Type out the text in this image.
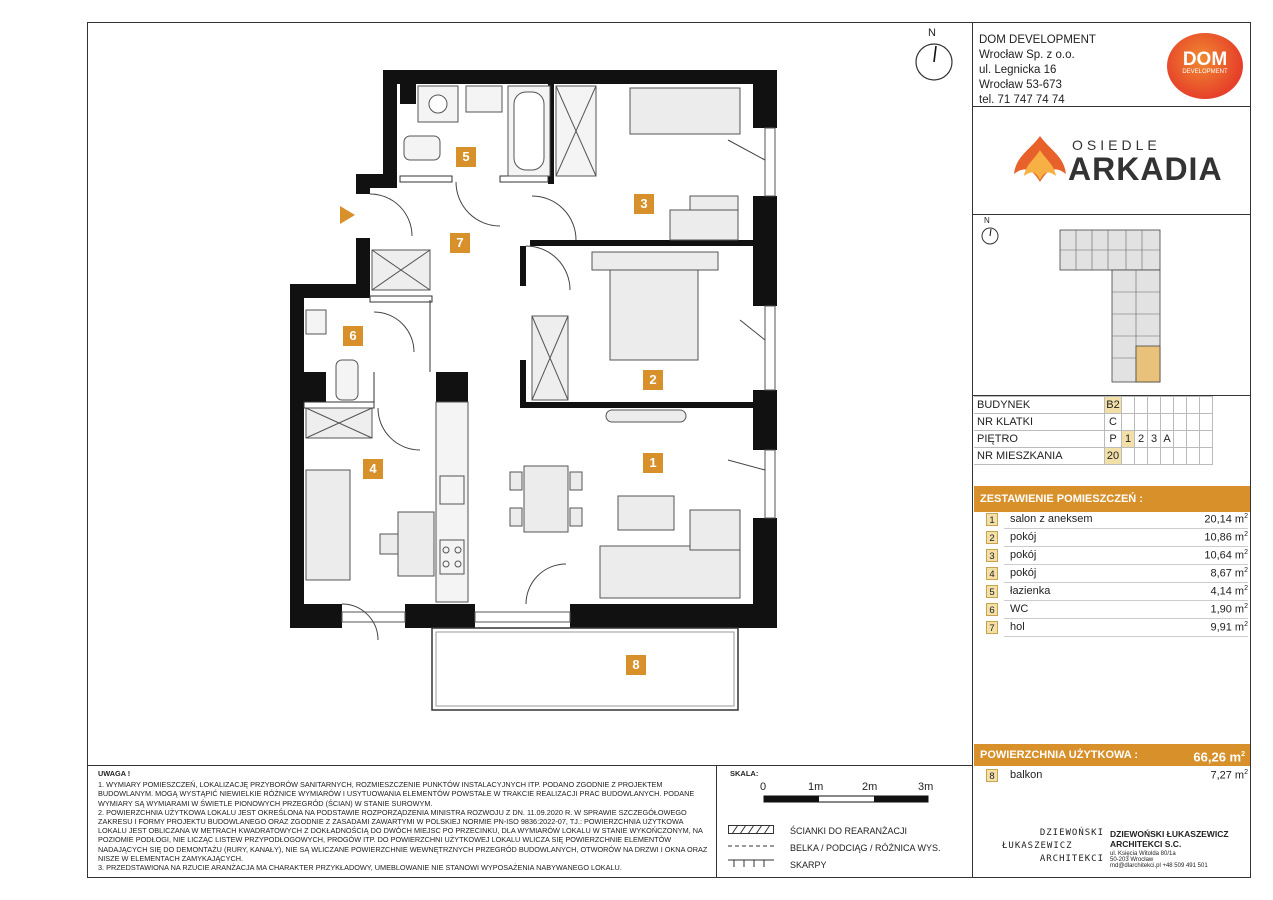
1
2
3
4
5
6
7
8
N
DOM DEVELOPMENT
Wrocław Sp. z o.o.
ul. Legnicka 16
Wrocław 53-673
tel. 71 747 74 74
DOM
DEVELOPMENT
OSIEDLE
ARKADIA
N
BUDYNEK	B2							
NR KLATKI	C							
PIĘTRO	P	1	2	3	A			
NR MIESZKANIA	20							
ZESTAWIENIE POMIESZCZEŃ :
1	salon z aneksem	20,14 $m^2$
2	pokój	10,86 $m^2$
3	pokój	10,64 $m^2$
4	pokój	8,67 $m^2$
5	łazienka	4,14 $m^2$
6	WC	1,90 $m^2$
7	hol	9,91 $m^2$
POWIERZCHNIA UŻYTKOWA :	66,26 $m^2$
8	balkon	7,27 $m^2$
UWAGA !
1. WYMIARY POMIESZCZEŃ, LOKALIZACJĘ PRZYBORÓW SANITARNYCH, ROZMIESZCZENIE PUNKTÓW INSTALACYJNYCH ITP. PODANO ZGODNIE Z PROJEKTEM BUDOWLANYM. MOGĄ WYSTĄPIĆ NIEWIELKIE RÓŻNICE WYMIARÓW I USYTUOWANIA ELEMENTÓW POWSTAŁE W TRAKCIE REALIZACJI PRAC BUDOWLANYCH. PODANE WYMIARY SĄ WYMIARAMI W ŚWIETLE PIONOWYCH PRZEGRÓD (ŚCIAN) W STANIE SUROWYM.
2. POWIERZCHNIA UŻYTKOWA LOKALU JEST OKREŚLONA NA PODSTAWIE ROZPORZĄDZENIA MINISTRA ROZWOJU Z DN. 11.09.2020 R. W SPRAWIE SZCZEGÓŁOWEGO ZAKRESU I FORMY PROJEKTU BUDOWLANEGO ORAZ ZGODNIE Z ZASADAMI ZAWARTYMI W POLSKIEJ NORMIE PN-ISO 9836:2022-07, TJ.: POWIERZCHNIA UŻYTKOWA LOKALU JEST OBLICZANA W METRACH KWADRATOWYCH Z DOKŁADNOŚCIĄ DO DWÓCH MIEJSC PO PRZECINKU, DLA WYMIARÓW LOKALU W STANIE WYKOŃCZONYM, NA POZIOMIE PODŁOGI, NIE LICZĄC LISTEW PRZYPODŁOGOWYCH, PROGÓW ITP. DO POWIERZCHNI UŻYTKOWEJ LOKALU WLICZA SIĘ POWIERZCHNIE ELEMENTÓW NADAJĄCYCH SIĘ DO DEMONTAŻU (RURY, KANAŁY), NIE SĄ WLICZANE POWIERZCHNIE WEWNĘTRZNYCH PRZEGRÓD BUDOWLANYCH, OTWORÓW NA DRZWI I OKNA ORAZ NISZE W ELEMENTACH ZAMYKAJĄCYCH.
3. PRZEDSTAWIONA NA RZUCIE ARANŻACJA MA CHARAKTER PRZYKŁADOWY, UMEBLOWANIE NIE STANOWI WYPOSAŻENIA NABYWANEGO LOKALU.
SKALA:
0	1m	2m	3m
ŚCIANKI DO REARANŻACJI
BELKA / PODCIĄG / RÓŻNICA WYS.
SKARPY
DZIEWOŃSKI
ŁUKASZEWICZ
ARCHITEKCI
DZIEWOŃSKI ŁUKASZEWICZ
ARCHITEKCI S.C.
ul. Księcia Witolda 80/1a
50-203 Wrocław
md@dlarchitekci.pl +48 509 491 501
